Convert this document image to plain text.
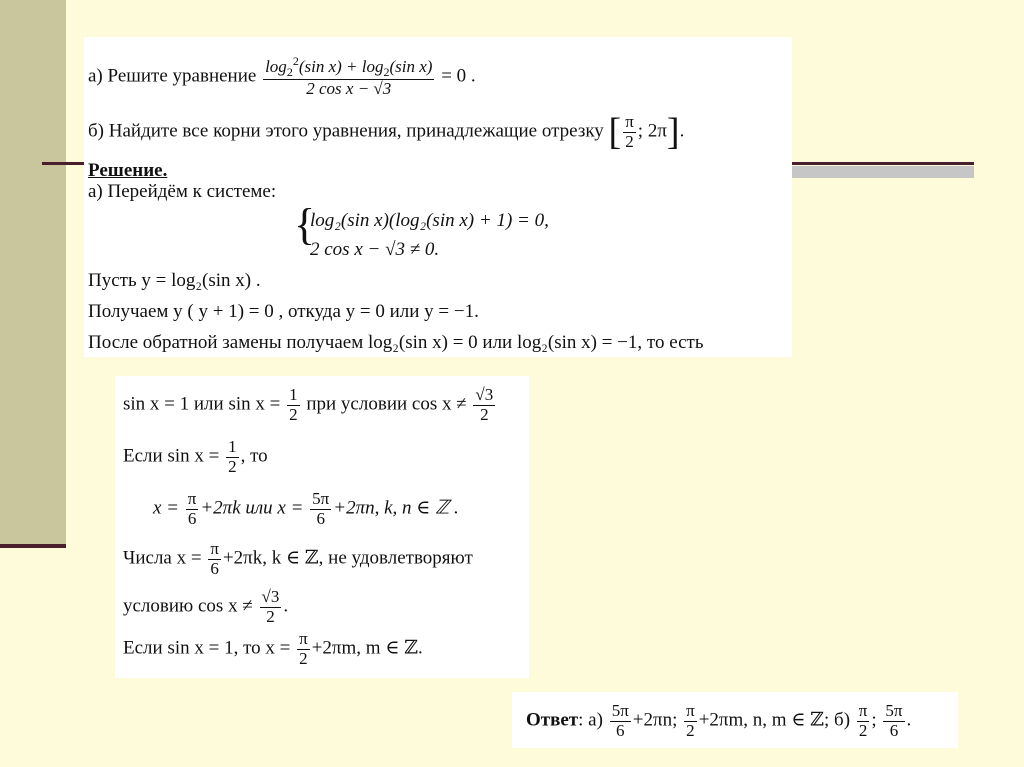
а) Решите уравнение $\frac{\log_2^2(\sin x) + \log_2(\sin x)}{\text{2 cos x − √3}} = 0$ .
б) Найдите все корни этого уравнения, принадлежащие отрезку [ $\frac{\pi}{2}$ ; 2π].
Решение.
а) Перейдём к системе:
{
log₂(sin x)(log₂(sin x) + 1) = 0,
2 cos x − √3 ≠ 0.
Пусть y = log₂(sin x) .
Получаем y ( y + 1) = 0 , откуда y = 0 или y = −1.
После обратной замены получаем log₂(sin x) = 0 или log₂(sin x) = −1, то есть
sin x = 1 или $\sin x = \frac{1}{2}$ при условии $\cos x \ne \frac{√3}{2}$
Если $\sin x = \frac{1}{2}$ , то
$x = \frac{\pi}{6} +2\pi k$ или $x = \frac{5\pi}{6} +2\pi n$, k, n ∈ ℤ .
Числа $x = \frac{\pi}{6} +2\pi k$, k ∈ ℤ, не удовлетворяют
условию $\cos x \ne \frac{√3}{2}$ .
Если sin x = 1, то $x = \frac{\pi}{2} +2\pi m$, m ∈ ℤ.
Ответ: $а) \frac{5\pi}{6} +2\pi n$; $\frac{\pi}{2} +2\pi m$, n, m ∈ ℤ; $б) \frac{\pi}{2}$ ; $\frac{5\pi}{6}$ .
